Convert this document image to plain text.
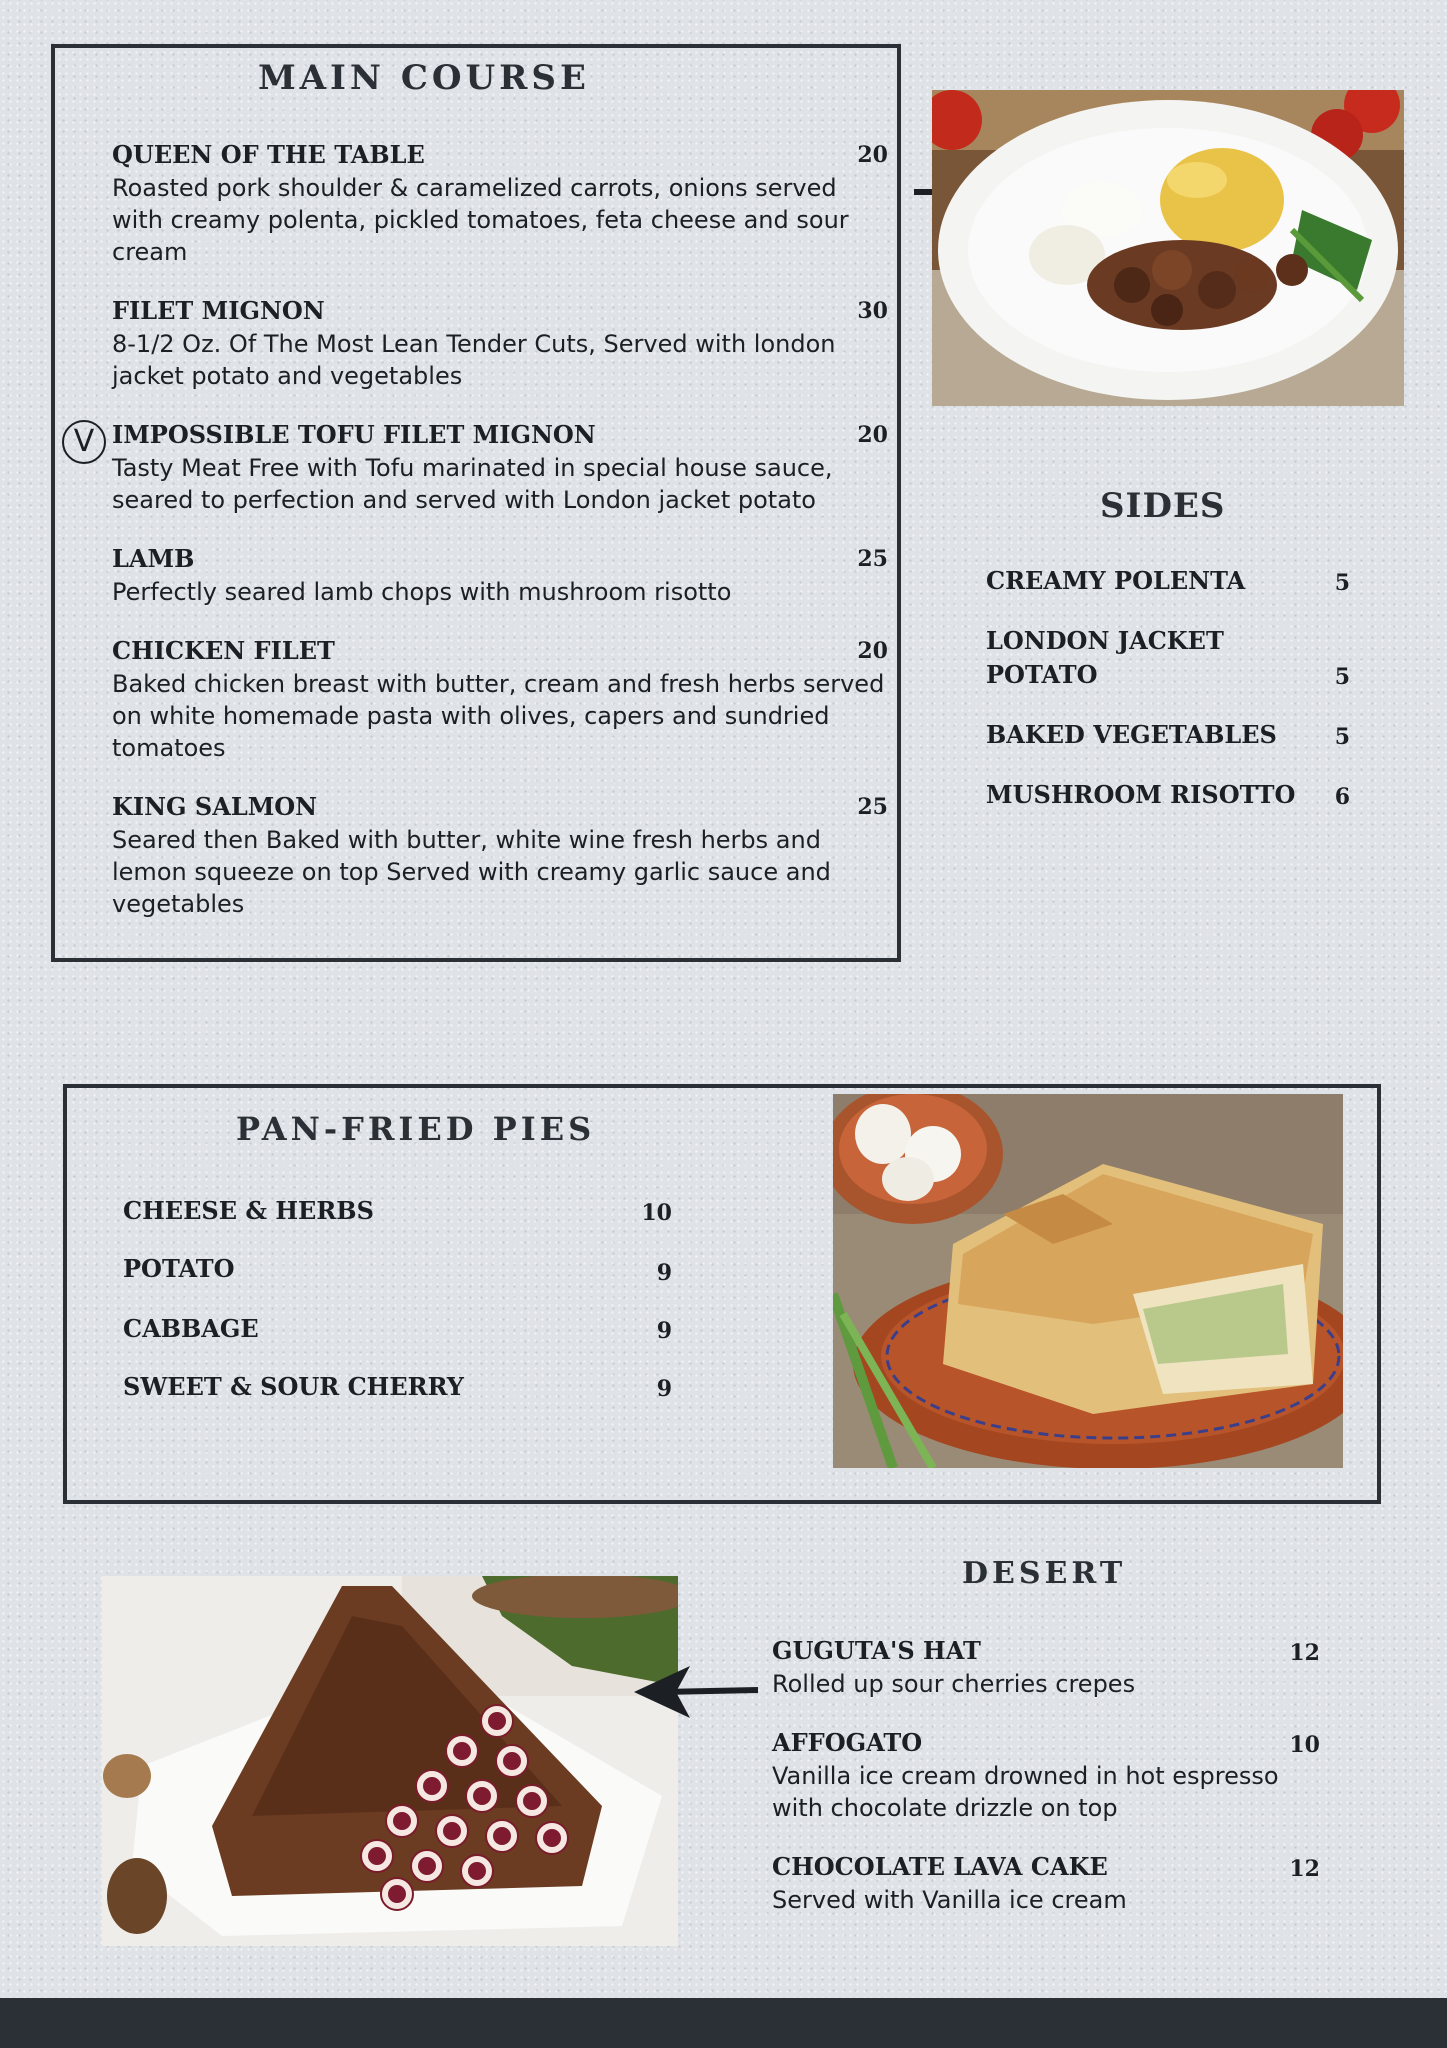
MAIN COURSE
QUEEN OF THE TABLE	20
Roasted pork shoulder & caramelized carrots, onions served with creamy polenta, pickled tomatoes, feta cheese and sour cream
FILET MIGNON	30
8-1/2 Oz. Of The Most Lean Tender Cuts, Served with london jacket potato and vegetables
V IMPOSSIBLE TOFU FILET MIGNON	20
Tasty Meat Free with Tofu marinated in special house sauce, seared to perfection and served with London jacket potato
LAMB	25
Perfectly seared lamb chops with mushroom risotto
CHICKEN FILET	20
Baked chicken breast with butter, cream and fresh herbs served on white homemade pasta with olives, capers and sundried tomatoes
KING SALMON	25
Seared then Baked with butter, white wine fresh herbs and lemon squeeze on top Served with creamy garlic sauce and vegetables
SIDES
CREAMY POLENTA	5
LONDON JACKET
POTATO	5
BAKED VEGETABLES	5
MUSHROOM RISOTTO	6
PAN-FRIED PIES
CHEESE & HERBS	10
POTATO	9
CABBAGE	9
SWEET & SOUR CHERRY	9
DESERT
GUGUTA'S HAT	12
Rolled up sour cherries crepes
AFFOGATO	10
Vanilla ice cream drowned in hot espresso with chocolate drizzle on top
CHOCOLATE LAVA CAKE	12
Served with Vanilla ice cream
